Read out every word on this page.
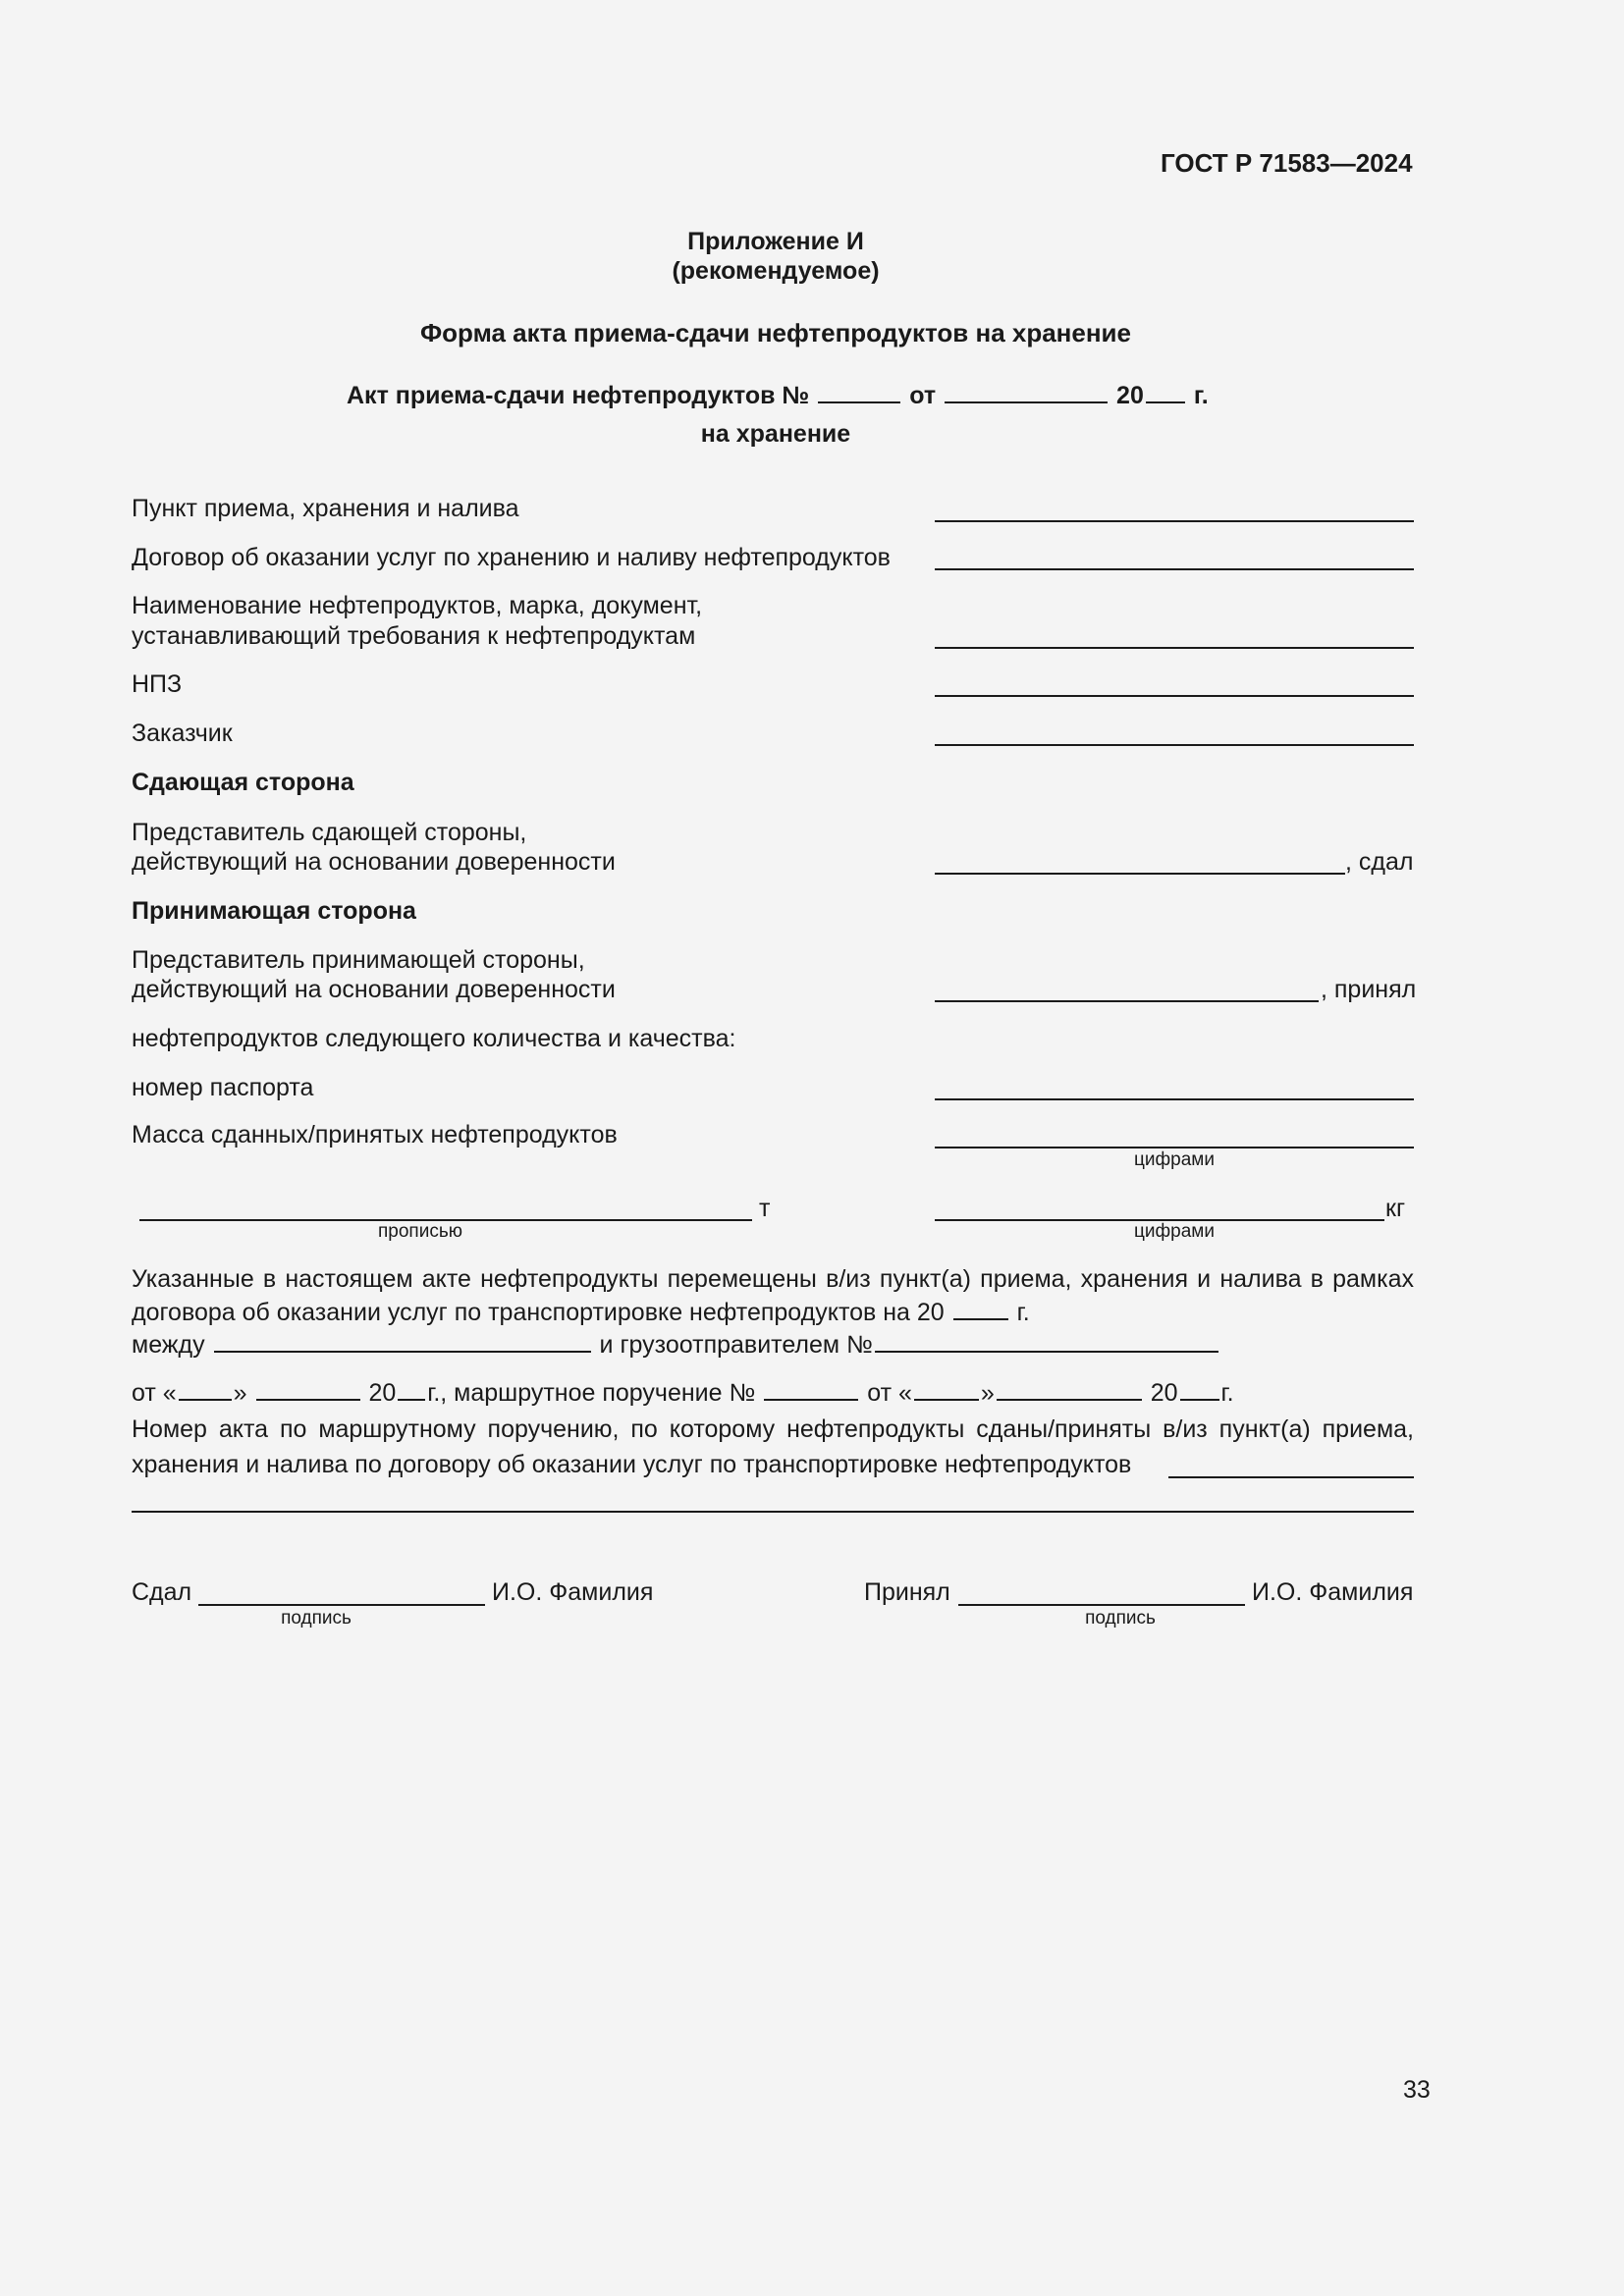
ГОСТ Р 71583—2024
Приложение И
(рекомендуемое)
Форма акта приема-сдачи нефтепродуктов на хранение
Акт приема-сдачи нефтепродуктов №	от	20 г.
на хранение
Пункт приема, хранения и налива
Договор об оказании услуг по хранению и наливу нефтепродуктов
Наименование нефтепродуктов, марка, документ,
устанавливающий требования к нефтепродуктам
НПЗ
Заказчик
Сдающая сторона
Представитель сдающей стороны,
действующий на основании доверенности	, сдал
Принимающая сторона
Представитель принимающей стороны,
действующий на основании доверенности	, принял
нефтепродуктов следующего количества и качества:
номер паспорта
Масса сданных/принятых нефтепродуктов
цифрами
т
прописью
кг
цифрами
Указанные в настоящем акте нефтепродукты перемещены в/из пункт(а) приема, хранения и налива в рамках
договора об оказании услуг по транспортировке нефтепродуктов на 20	г.
между	и грузоотправителем №
от « »	20 г., маршрутное поручение №	от «	»	20 г.
Номер акта по маршрутному поручению, по которому нефтепродукты сданы/приняты в/из пункт(а) приема,
хранения и налива по договору об оказании услуг по транспортировке нефтепродуктов
Сдал	И.О. Фамилия
подпись
Принял	И.О. Фамилия
подпись
33
